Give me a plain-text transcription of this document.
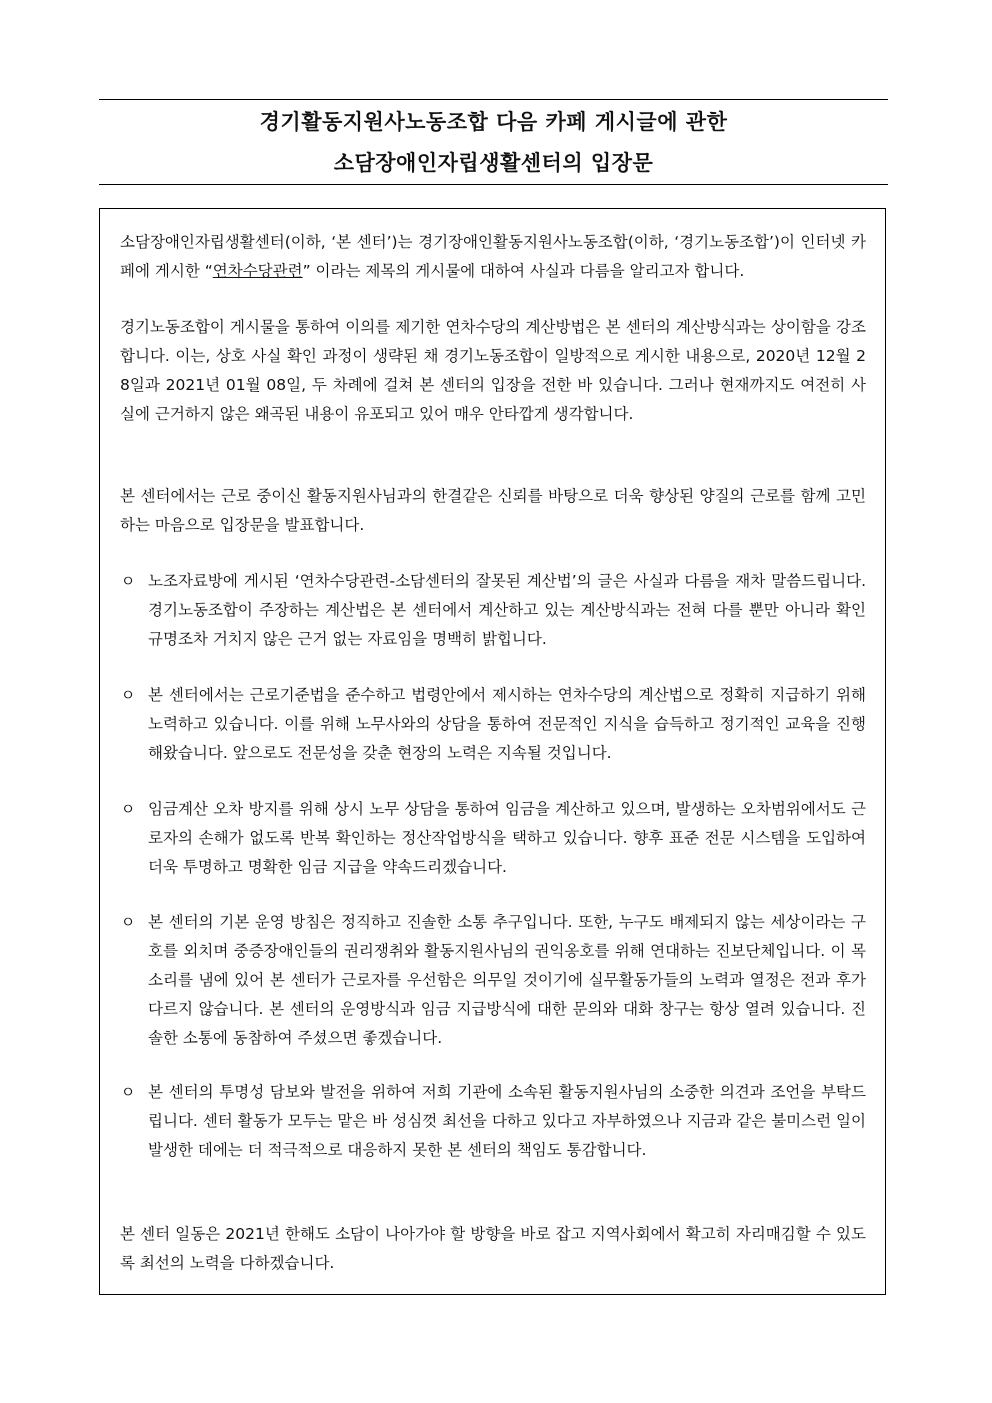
경기활동지원사노동조합 다음 카페 게시글에 관한
소담장애인자립생활센터의 입장문
소담장애인자립생활센터(이하, ‘본 센터’)는 경기장애인활동지원사노동조합(이하, ‘경기노동조합’)이 인터넷 카페에 게시한 “연차수당관련” 이라는 제목의 게시물에 대하여 사실과 다름을 알리고자 합니다.
경기노동조합이 게시물을 통하여 이의를 제기한 연차수당의 계산방법은 본 센터의 계산방식과는 상이함을 강조합니다. 이는, 상호 사실 확인 과정이 생략된 채 경기노동조합이 일방적으로 게시한 내용으로, 2020년 12월 28일과 2021년 01월 08일, 두 차례에 걸쳐 본 센터의 입장을 전한 바 있습니다. 그러나 현재까지도 여전히 사실에 근거하지 않은 왜곡된 내용이 유포되고 있어 매우 안타깝게 생각합니다.
본 센터에서는 근로 중이신 활동지원사님과의 한결같은 신뢰를 바탕으로 더욱 향상된 양질의 근로를 함께 고민하는 마음으로 입장문을 발표합니다.
ㅇ 노조자료방에 게시된 ‘연차수당관련-소담센터의 잘못된 계산법’의 글은 사실과 다름을 재차 말씀드립니다. 경기노동조합이 주장하는 계산법은 본 센터에서 계산하고 있는 계산방식과는 전혀 다를 뿐만 아니라 확인 규명조차 거치지 않은 근거 없는 자료임을 명백히 밝힙니다.
ㅇ 본 센터에서는 근로기준법을 준수하고 법령안에서 제시하는 연차수당의 계산법으로 정확히 지급하기 위해 노력하고 있습니다. 이를 위해 노무사와의 상담을 통하여 전문적인 지식을 습득하고 정기적인 교육을 진행해왔습니다. 앞으로도 전문성을 갖춘 현장의 노력은 지속될 것입니다.
ㅇ 임금계산 오차 방지를 위해 상시 노무 상담을 통하여 임금을 계산하고 있으며, 발생하는 오차범위에서도 근로자의 손해가 없도록 반복 확인하는 정산작업방식을 택하고 있습니다. 향후 표준 전문 시스템을 도입하여 더욱 투명하고 명확한 임금 지급을 약속드리겠습니다.
ㅇ 본 센터의 기본 운영 방침은 정직하고 진솔한 소통 추구입니다. 또한, 누구도 배제되지 않는 세상이라는 구호를 외치며 중증장애인들의 권리쟁취와 활동지원사님의 권익옹호를 위해 연대하는 진보단체입니다. 이 목소리를 냄에 있어 본 센터가 근로자를 우선함은 의무일 것이기에 실무활동가들의 노력과 열정은 전과 후가 다르지 않습니다. 본 센터의 운영방식과 임금 지급방식에 대한 문의와 대화 창구는 항상 열려 있습니다. 진솔한 소통에 동참하여 주셨으면 좋겠습니다.
ㅇ 본 센터의 투명성 담보와 발전을 위하여 저희 기관에 소속된 활동지원사님의 소중한 의견과 조언을 부탁드립니다. 센터 활동가 모두는 맡은 바 성심껏 최선을 다하고 있다고 자부하였으나 지금과 같은 불미스런 일이 발생한 데에는 더 적극적으로 대응하지 못한 본 센터의 책임도 통감합니다.
본 센터 일동은 2021년 한해도 소담이 나아가야 할 방향을 바로 잡고 지역사회에서 확고히 자리매김할 수 있도록 최선의 노력을 다하겠습니다.
